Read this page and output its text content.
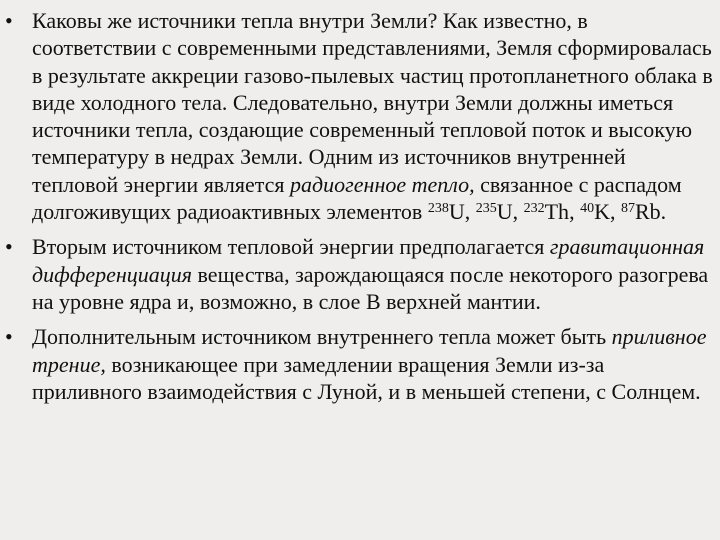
• Каковы же источники тепла внутри Земли? Как известно, в соответствии с современными представлениями, Земля сформировалась в результате аккреции газово-пылевых частиц протопланетного облака в виде холодного тела. Следовательно, внутри Земли должны иметься источники тепла, создающие современный тепловой поток и высокую температуру в недрах Земли. Одним из источников внутренней тепловой энергии является радиогенное тепло, связанное с распадом долгоживущих радиоактивных элементов $^{238}$U, $^{235}$U, $^{232}$Th, $^{40}$K, $^{87}$Rb.
• Вторым источником тепловой энергии предполагается гравитационная дифференциация вещества, зарождающаяся после некоторого разогрева на уровне ядра и, возможно, в слое В верхней мантии.
• Дополнительным источником внутреннего тепла может быть приливное трение, возникающее при замедлении вращения Земли из-за приливного взаимодействия с Луной, и в меньшей степени, с Солнцем.
